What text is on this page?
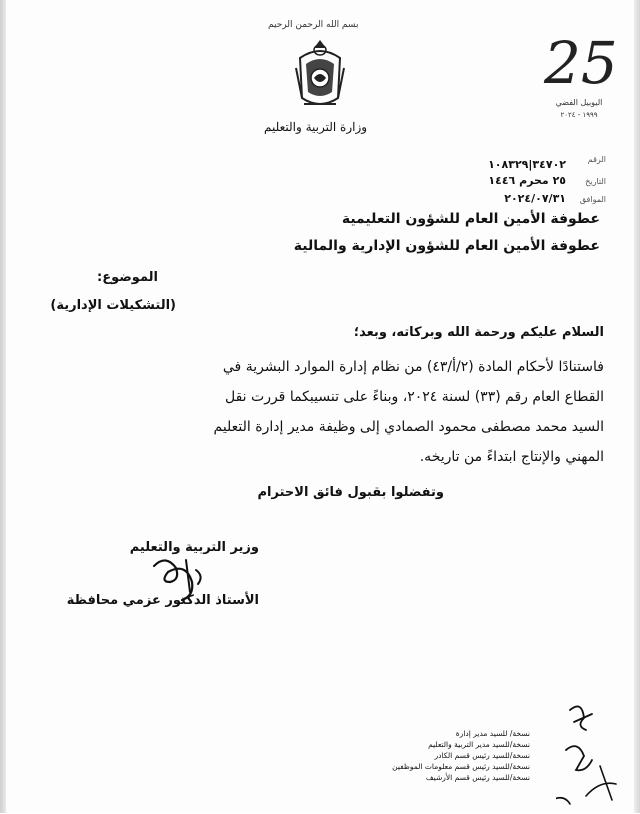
بسم الله الرحمن الرحيم
وزارة التربية والتعليم
25
اليوبيل الفضي
١٩٩٩ - ٢٠٢٤
الرقم
٣٤٧٠٢|١٠٨٣٢٩
التاريخ
٢٥ محرم ١٤٤٦
الموافق
٢٠٢٤/٠٧/٣١
عطوفة الأمين العام للشؤون التعليمية
عطوفة الأمين العام للشؤون الإدارية والمالية
الموضوع:
(التشكيلات الإدارية)
السلام عليكم ورحمة الله وبركاته، وبعد؛
فاستنادًا لأحكام المادة (٢/أ/٤٣) من نظام إدارة الموارد البشرية في
القطاع العام رقم (٣٣) لسنة ٢٠٢٤، وبناءً على تنسيبكما قررت نقل
السيد محمد مصطفى محمود الصمادي إلى وظيفة مدير إدارة التعليم
المهني والإنتاج ابتداءً من تاريخه.
وتفضلوا بقبول فائق الاحترام
وزير التربية والتعليم
الأستاذ الدكتور عزمي محافظة
نسخة/ للسيد مدير إدارة
نسخة/للسيد مدير التربية والتعليم
نسخة/للسيد رئيس قسم الكادر
نسخة/للسيد رئيس قسم معلومات الموظفين
نسخة/للسيد رئيس قسم الأرشيف
